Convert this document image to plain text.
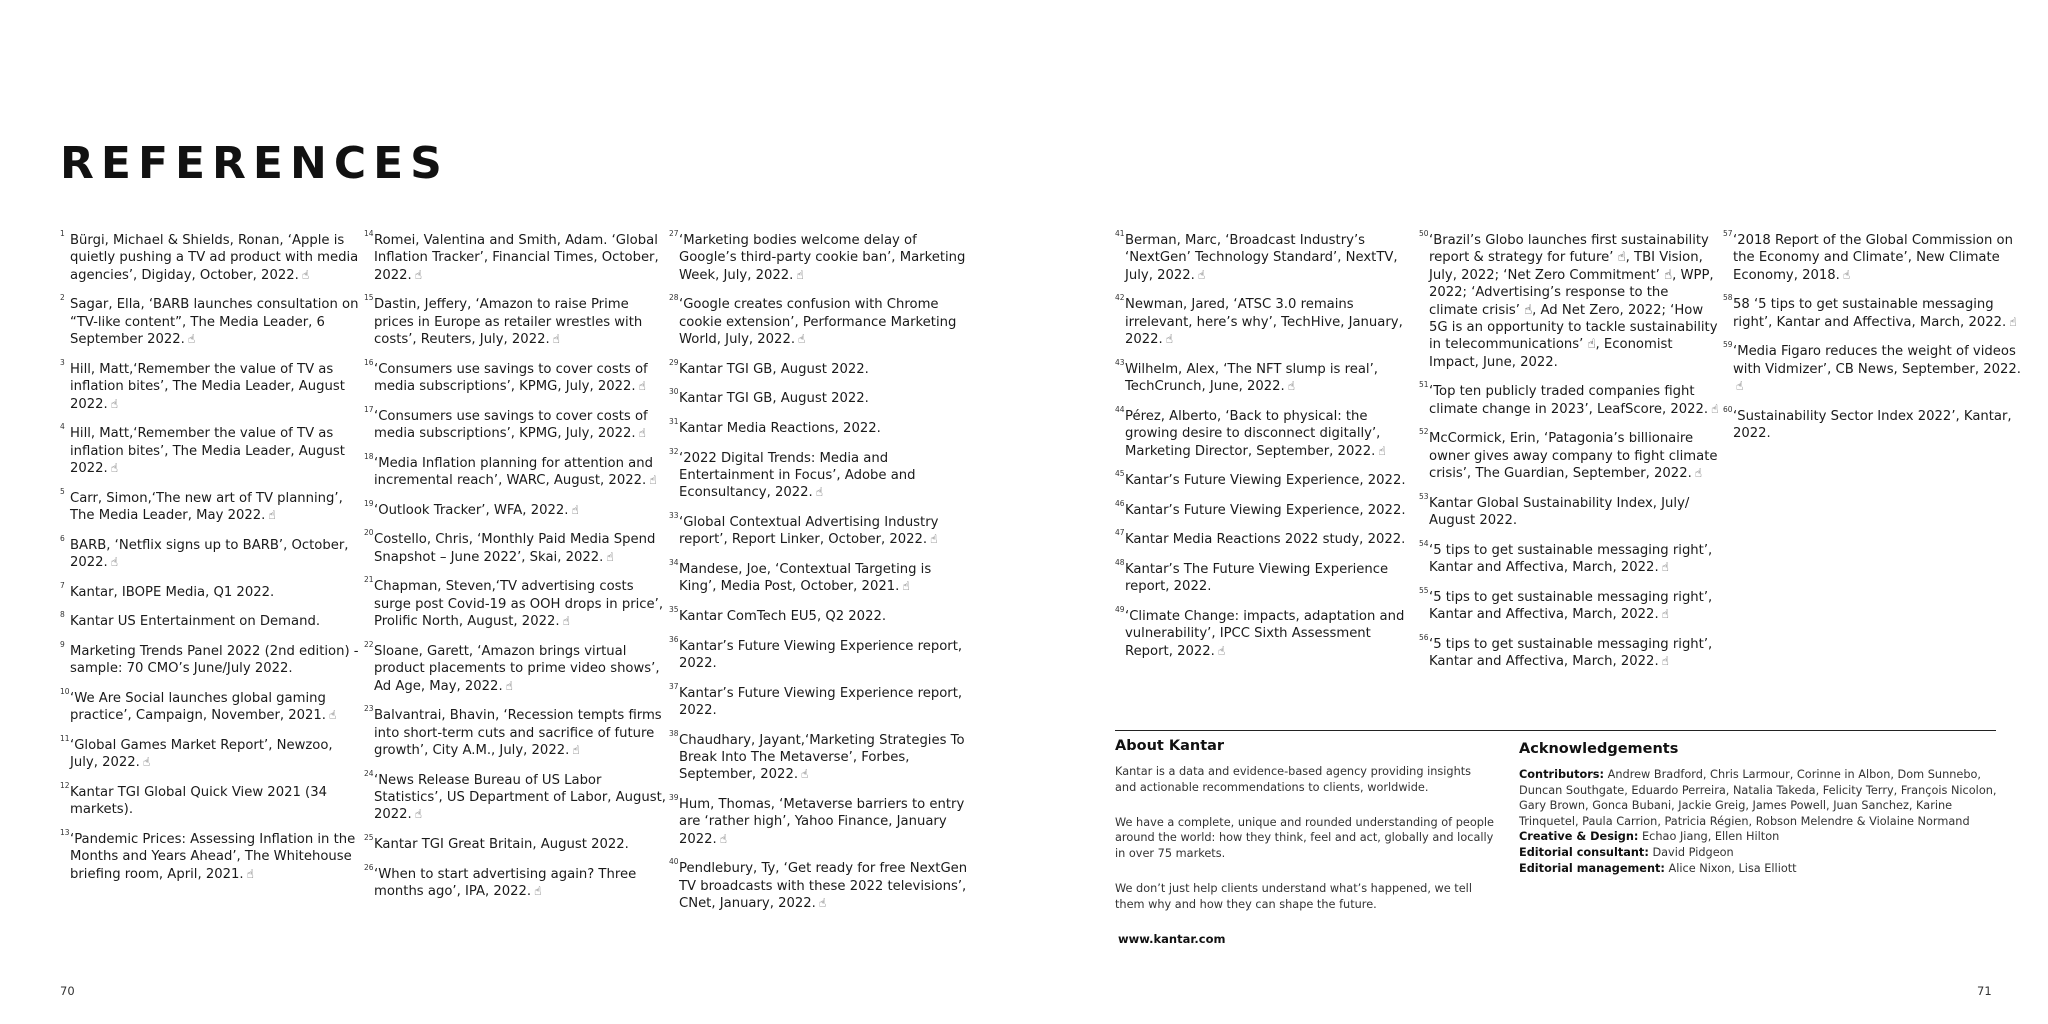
REFERENCES
1 Bürgi, Michael & Shields, Ronan, ‘Apple is quietly pushing a TV ad product with media agencies’, Digiday, October, 2022. ☝
2 Sagar, Ella, ‘BARB launches consultation on “TV-like content”, The Media Leader, 6 September 2022. ☝
3 Hill, Matt,‘Remember the value of TV as inflation bites’, The Media Leader, August 2022. ☝
4 Hill, Matt,‘Remember the value of TV as inflation bites’, The Media Leader, August 2022. ☝
5 Carr, Simon,‘The new art of TV planning’, The Media Leader, May 2022. ☝
6 BARB, ‘Netflix signs up to BARB’, October, 2022. ☝
7 Kantar, IBOPE Media, Q1 2022.
8 Kantar US Entertainment on Demand.
9 Marketing Trends Panel 2022 (2nd edition) - sample: 70 CMO’s June/July 2022.
10 ‘We Are Social launches global gaming practice’, Campaign, November, 2021. ☝
11 ‘Global Games Market Report’, Newzoo, July, 2022. ☝
12 Kantar TGI Global Quick View 2021 (34 markets).
13 ‘Pandemic Prices: Assessing Inflation in the Months and Years Ahead’, The Whitehouse briefing room, April, 2021. ☝
14 Romei, Valentina and Smith, Adam. ‘Global Inflation Tracker’, Financial Times, October, 2022. ☝
15 Dastin, Jeffery, ‘Amazon to raise Prime prices in Europe as retailer wrestles with costs’, Reuters, July, 2022. ☝
16 ‘Consumers use savings to cover costs of media subscriptions’, KPMG, July, 2022. ☝
17 ‘Consumers use savings to cover costs of media subscriptions’, KPMG, July, 2022. ☝
18 ‘Media Inflation planning for attention and incremental reach’, WARC, August, 2022. ☝
19 ‘Outlook Tracker’, WFA, 2022. ☝
20 Costello, Chris, ‘Monthly Paid Media Spend Snapshot – June 2022’, Skai, 2022. ☝
21 Chapman, Steven,‘TV advertising costs surge post Covid-19 as OOH drops in price’, Prolific North, August, 2022. ☝
22 Sloane, Garett, ‘Amazon brings virtual product placements to prime video shows’, Ad Age, May, 2022. ☝
23 Balvantrai, Bhavin, ‘Recession tempts firms into short-term cuts and sacrifice of future growth’, City A.M., July, 2022. ☝
24 ‘News Release Bureau of US Labor Statistics’, US Department of Labor, August, 2022. ☝
25 Kantar TGI Great Britain, August 2022.
26 ‘When to start advertising again? Three months ago’, IPA, 2022. ☝
27 ‘Marketing bodies welcome delay of Google’s third-party cookie ban’, Marketing Week, July, 2022. ☝
28 ‘Google creates confusion with Chrome cookie extension’, Performance Marketing World, July, 2022. ☝
29 Kantar TGI GB, August 2022.
30 Kantar TGI GB, August 2022.
31 Kantar Media Reactions, 2022.
32 ‘2022 Digital Trends: Media and Entertainment in Focus’, Adobe and Econsultancy, 2022. ☝
33 ‘Global Contextual Advertising Industry report’, Report Linker, October, 2022. ☝
34 Mandese, Joe, ‘Contextual Targeting is King’, Media Post, October, 2021. ☝
35 Kantar ComTech EU5, Q2 2022.
36 Kantar’s Future Viewing Experience report, 2022.
37 Kantar’s Future Viewing Experience report, 2022.
38 Chaudhary, Jayant,‘Marketing Strategies To Break Into The Metaverse’, Forbes, September, 2022. ☝
39 Hum, Thomas, ‘Metaverse barriers to entry are ‘rather high’, Yahoo Finance, January 2022. ☝
40 Pendlebury, Ty, ‘Get ready for free NextGen TV broadcasts with these 2022 televisions’, CNet, January, 2022. ☝
41 Berman, Marc, ‘Broadcast Industry’s ‘NextGen’ Technology Standard’, NextTV, July, 2022. ☝
42 Newman, Jared, ‘ATSC 3.0 remains irrelevant, here’s why’, TechHive, January, 2022. ☝
43 Wilhelm, Alex, ‘The NFT slump is real’, TechCrunch, June, 2022. ☝
44 Pérez, Alberto, ‘Back to physical: the growing desire to disconnect digitally’, Marketing Director, September, 2022. ☝
45 Kantar’s Future Viewing Experience, 2022.
46 Kantar’s Future Viewing Experience, 2022.
47 Kantar Media Reactions 2022 study, 2022.
48 Kantar’s The Future Viewing Experience report, 2022.
49 ‘Climate Change: impacts, adaptation and vulnerability’, IPCC Sixth Assessment Report, 2022. ☝
50 ‘Brazil’s Globo launches first sustainability report & strategy for future’ ☝, TBI Vision, July, 2022; ‘Net Zero Commitment’ ☝, WPP, 2022; ‘Advertising’s response to the climate crisis’ ☝, Ad Net Zero, 2022; ‘How 5G is an opportunity to tackle sustainability in telecommunications’ ☝, Economist Impact, June, 2022.
51 ‘Top ten publicly traded companies fight climate change in 2023’, LeafScore, 2022. ☝
52 McCormick, Erin, ‘Patagonia’s billionaire owner gives away company to fight climate crisis’, The Guardian, September, 2022. ☝
53 Kantar Global Sustainability Index, July/ August 2022.
54 ‘5 tips to get sustainable messaging right’, Kantar and Affectiva, March, 2022. ☝
55 ‘5 tips to get sustainable messaging right’, Kantar and Affectiva, March, 2022. ☝
56 ‘5 tips to get sustainable messaging right’, Kantar and Affectiva, March, 2022. ☝
57 ‘2018 Report of the Global Commission on the Economy and Climate’, New Climate Economy, 2018. ☝
58 58 ‘5 tips to get sustainable messaging right’, Kantar and Affectiva, March, 2022. ☝
59 ‘Media Figaro reduces the weight of videos with Vidmizer’, CB News, September, 2022.☝
60 ‘Sustainability Sector Index 2022’, Kantar, 2022.
About Kantar

Kantar is a data and evidence-based agency providing insights and actionable recommendations to clients, worldwide.

We have a complete, unique and rounded understanding of people around the world: how they think, feel and act, globally and locally in over 75 markets.

We don’t just help clients understand what’s happened, we tell them why and how they can shape the future.

www.kantar.com
Acknowledgements

Contributors: Andrew Bradford, Chris Larmour, Corinne in Albon, Dom Sunnebo, Duncan Southgate, Eduardo Perreira, Natalia Takeda, Felicity Terry, François Nicolon, Gary Brown, Gonca Bubani, Jackie Greig, James Powell, Juan Sanchez, Karine Trinquetel, Paula Carrion, Patricia Régien, Robson Melendre & Violaine Normand

Creative & Design: Echao Jiang, Ellen Hilton

Editorial consultant: David Pidgeon

Editorial management: Alice Nixon, Lisa Elliott

70	71
